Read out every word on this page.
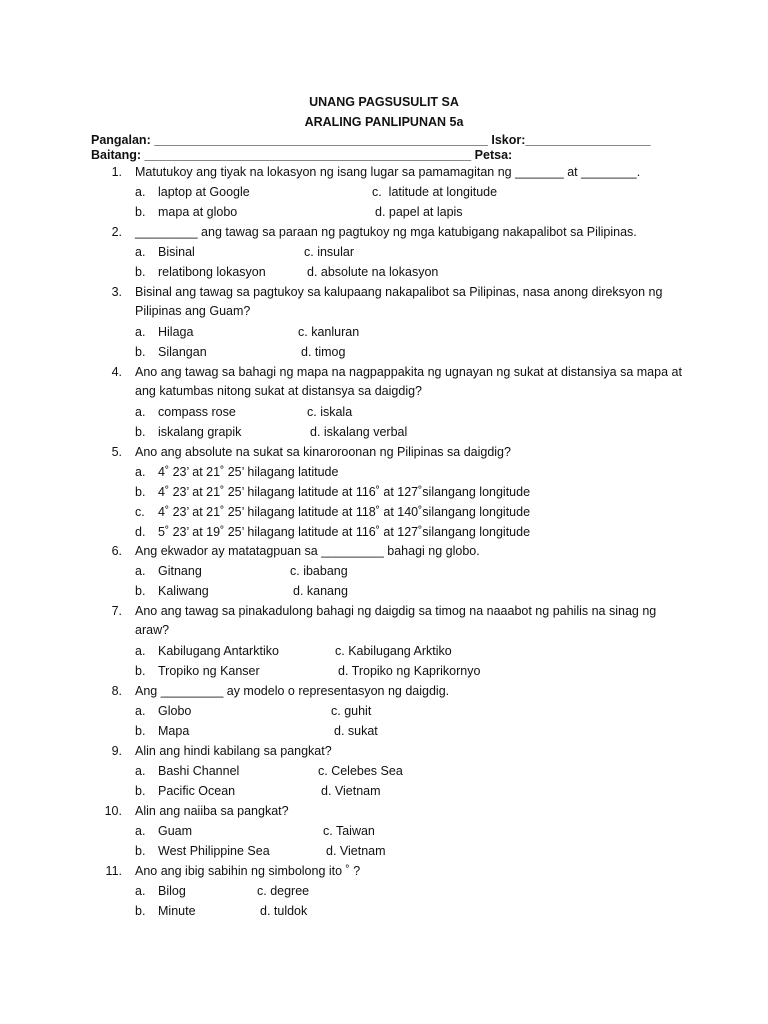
UNANG PAGSUSULIT SA
ARALING PANLIPUNAN 5a
Pangalan: ________________________________________________ Iskor:__________________
Baitang: _______________________________________________ Petsa:
1. Matutukoy ang tiyak na lokasyon ng isang lugar sa pamamagitan ng _______ at ________.
a. laptop at Google	c.  latitude at longitude
b. mapa at globo	d. papel at lapis
2. _________ ang tawag sa paraan ng pagtukoy ng mga katubigang nakapalibot sa Pilipinas.
a. Bisinal	c. insular
b. relatibong lokasyon	d. absolute na lokasyon
3. Bisinal ang tawag sa pagtukoy sa kalupaang nakapalibot sa Pilipinas, nasa anong direksyon ng
Pilipinas ang Guam?
a. Hilaga	c. kanluran
b. Silangan	d. timog
4. Ano ang tawag sa bahagi ng mapa na nagpappakita ng ugnayan ng sukat at distansiya sa mapa at
ang katumbas nitong sukat at distansya sa daigdig?
a. compass rose	c. iskala
b. iskalang grapik	d. iskalang verbal
5. Ano ang absolute na sukat sa kinaroroonan ng Pilipinas sa daigdig?
a. 4˚ 23’ at 21˚ 25’ hilagang latitude
b. 4˚ 23’ at 21˚ 25’ hilagang latitude at 116˚ at 127˚silangang longitude
c. 4˚ 23’ at 21˚ 25’ hilagang latitude at 118˚ at 140˚silangang longitude
d. 5˚ 23’ at 19˚ 25’ hilagang latitude at 116˚ at 127˚silangang longitude
6. Ang ekwador ay matatagpuan sa _________ bahagi ng globo.
a. Gitnang	c. ibabang
b. Kaliwang	d. kanang
7. Ano ang tawag sa pinakadulong bahagi ng daigdig sa timog na naaabot ng pahilis na sinag ng
araw?
a. Kabilugang Antarktiko	c. Kabilugang Arktiko
b. Tropiko ng Kanser	d. Tropiko ng Kaprikornyo
8. Ang _________ ay modelo o representasyon ng daigdig.
a. Globo	c. guhit
b. Mapa	d. sukat
9. Alin ang hindi kabilang sa pangkat?
a. Bashi Channel	c. Celebes Sea
b. Pacific Ocean	d. Vietnam
10. Alin ang naiiba sa pangkat?
a. Guam	c. Taiwan
b. West Philippine Sea	d. Vietnam
11. Ano ang ibig sabihin ng simbolong ito ˚ ?
a. Bilog	c. degree
b. Minute	d. tuldok
